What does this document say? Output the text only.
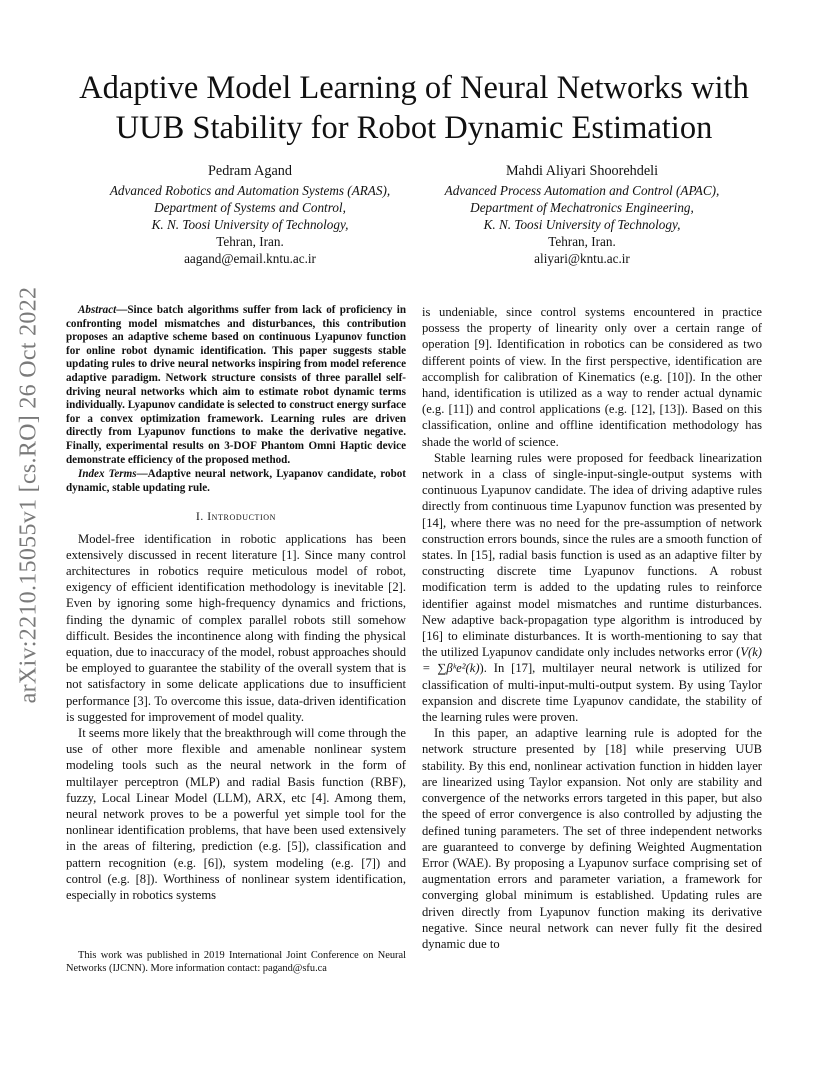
arXiv:2210.15055v1 [cs.RO] 26 Oct 2022
Adaptive Model Learning of Neural Networks with
UUB Stability for Robot Dynamic Estimation
Pedram Agand
Advanced Robotics and Automation Systems (ARAS),
Department of Systems and Control,
K. N. Toosi University of Technology,
Tehran, Iran.
aagand@email.kntu.ac.ir
Mahdi Aliyari Shoorehdeli
Advanced Process Automation and Control (APAC),
Department of Mechatronics Engineering,
K. N. Toosi University of Technology,
Tehran, Iran.
aliyari@kntu.ac.ir
Abstract—Since batch algorithms suffer from lack of proficiency in confronting model mismatches and disturbances, this contribution proposes an adaptive scheme based on continuous Lyapunov function for online robot dynamic identification. This paper suggests stable updating rules to drive neural networks inspiring from model reference adaptive paradigm. Network structure consists of three parallel self-driving neural networks which aim to estimate robot dynamic terms individually. Lyapunov candidate is selected to construct energy surface for a convex optimization framework. Learning rules are driven directly from Lyapunov functions to make the derivative negative. Finally, experimental results on 3-DOF Phantom Omni Haptic device demonstrate efficiency of the proposed method.
Index Terms—Adaptive neural network, Lyapanov candidate, robot dynamic, stable updating rule.
I. Introduction

Model-free identification in robotic applications has been extensively discussed in recent literature [1]. Since many control architectures in robotics require meticulous model of robot, exigency of efficient identification methodology is inevitable [2]. Even by ignoring some high-frequency dynamics and frictions, finding the dynamic of complex parallel robots still somehow difficult. Besides the incontinence along with finding the physical equation, due to inaccuracy of the model, robust approaches should be employed to guarantee the stability of the overall system that is not satisfactory in some delicate applications due to insufficient performance [3]. To overcome this issue, data-driven identification is suggested for improvement of model quality.

It seems more likely that the breakthrough will come through the use of other more flexible and amenable nonlinear system modeling tools such as the neural network in the form of multilayer perceptron (MLP) and radial Basis function (RBF), fuzzy, Local Linear Model (LLM), ARX, etc [4]. Among them, neural network proves to be a powerful yet simple tool for the nonlinear identification problems, that have been used extensively in the areas of filtering, prediction (e.g. [5]), classification and pattern recognition (e.g. [6]), system modeling (e.g. [7]) and control (e.g. [8]). Worthiness of nonlinear system identification, especially in robotics systems

is undeniable, since control systems encountered in practice possess the property of linearity only over a certain range of operation [9]. Identification in robotics can be considered as two different points of view. In the first perspective, identification are accomplish for calibration of Kinematics (e.g. [10]). In the other hand, identification is utilized as a way to render actual dynamic (e.g. [11]) and control applications (e.g. [12], [13]). Based on this classification, online and offline identification methodology has shade the world of science.

Stable learning rules were proposed for feedback linearization network in a class of single-input-single-output systems with continuous Lyapunov candidate. The idea of driving adaptive rules directly from continuous time Lyapunov function was presented by [14], where there was no need for the pre-assumption of network construction errors bounds, since the rules are a smooth function of states. In [15], radial basis function is used as an adaptive filter by constructing discrete time Lyapunov functions. A robust modification term is added to the updating rules to reinforce identifier against model mismatches and runtime disturbances. New adaptive back-propagation type algorithm is introduced by [16] to eliminate disturbances. It is worth-mentioning to say that the utilized Lyapunov candidate only includes networks error (V(k) = ∑βᵏe²(k)). In [17], multilayer neural network is utilized for classification of multi-input-multi-output system. By using Taylor expansion and discrete time Lyapunov candidate, the stability of the learning rules were proven.

In this paper, an adaptive learning rule is adopted for the network structure presented by [18] while preserving UUB stability. By this end, nonlinear activation function in hidden layer are linearized using Taylor expansion. Not only are stability and convergence of the networks errors targeted in this paper, but also the speed of error convergence is also controlled by adjusting the defined tuning parameters. The set of three independent networks are guaranteed to converge by defining Weighted Augmentation Error (WAE). By proposing a Lyapunov surface comprising set of augmentation errors and parameter variation, a framework for converging global minimum is established. Updating rules are driven directly from Lyapunov function making its derivative negative. Since neural network can never fully fit the desired dynamic due to

This work was published in 2019 International Joint Conference on Neural Networks (IJCNN). More information contact: pagand@sfu.ca
